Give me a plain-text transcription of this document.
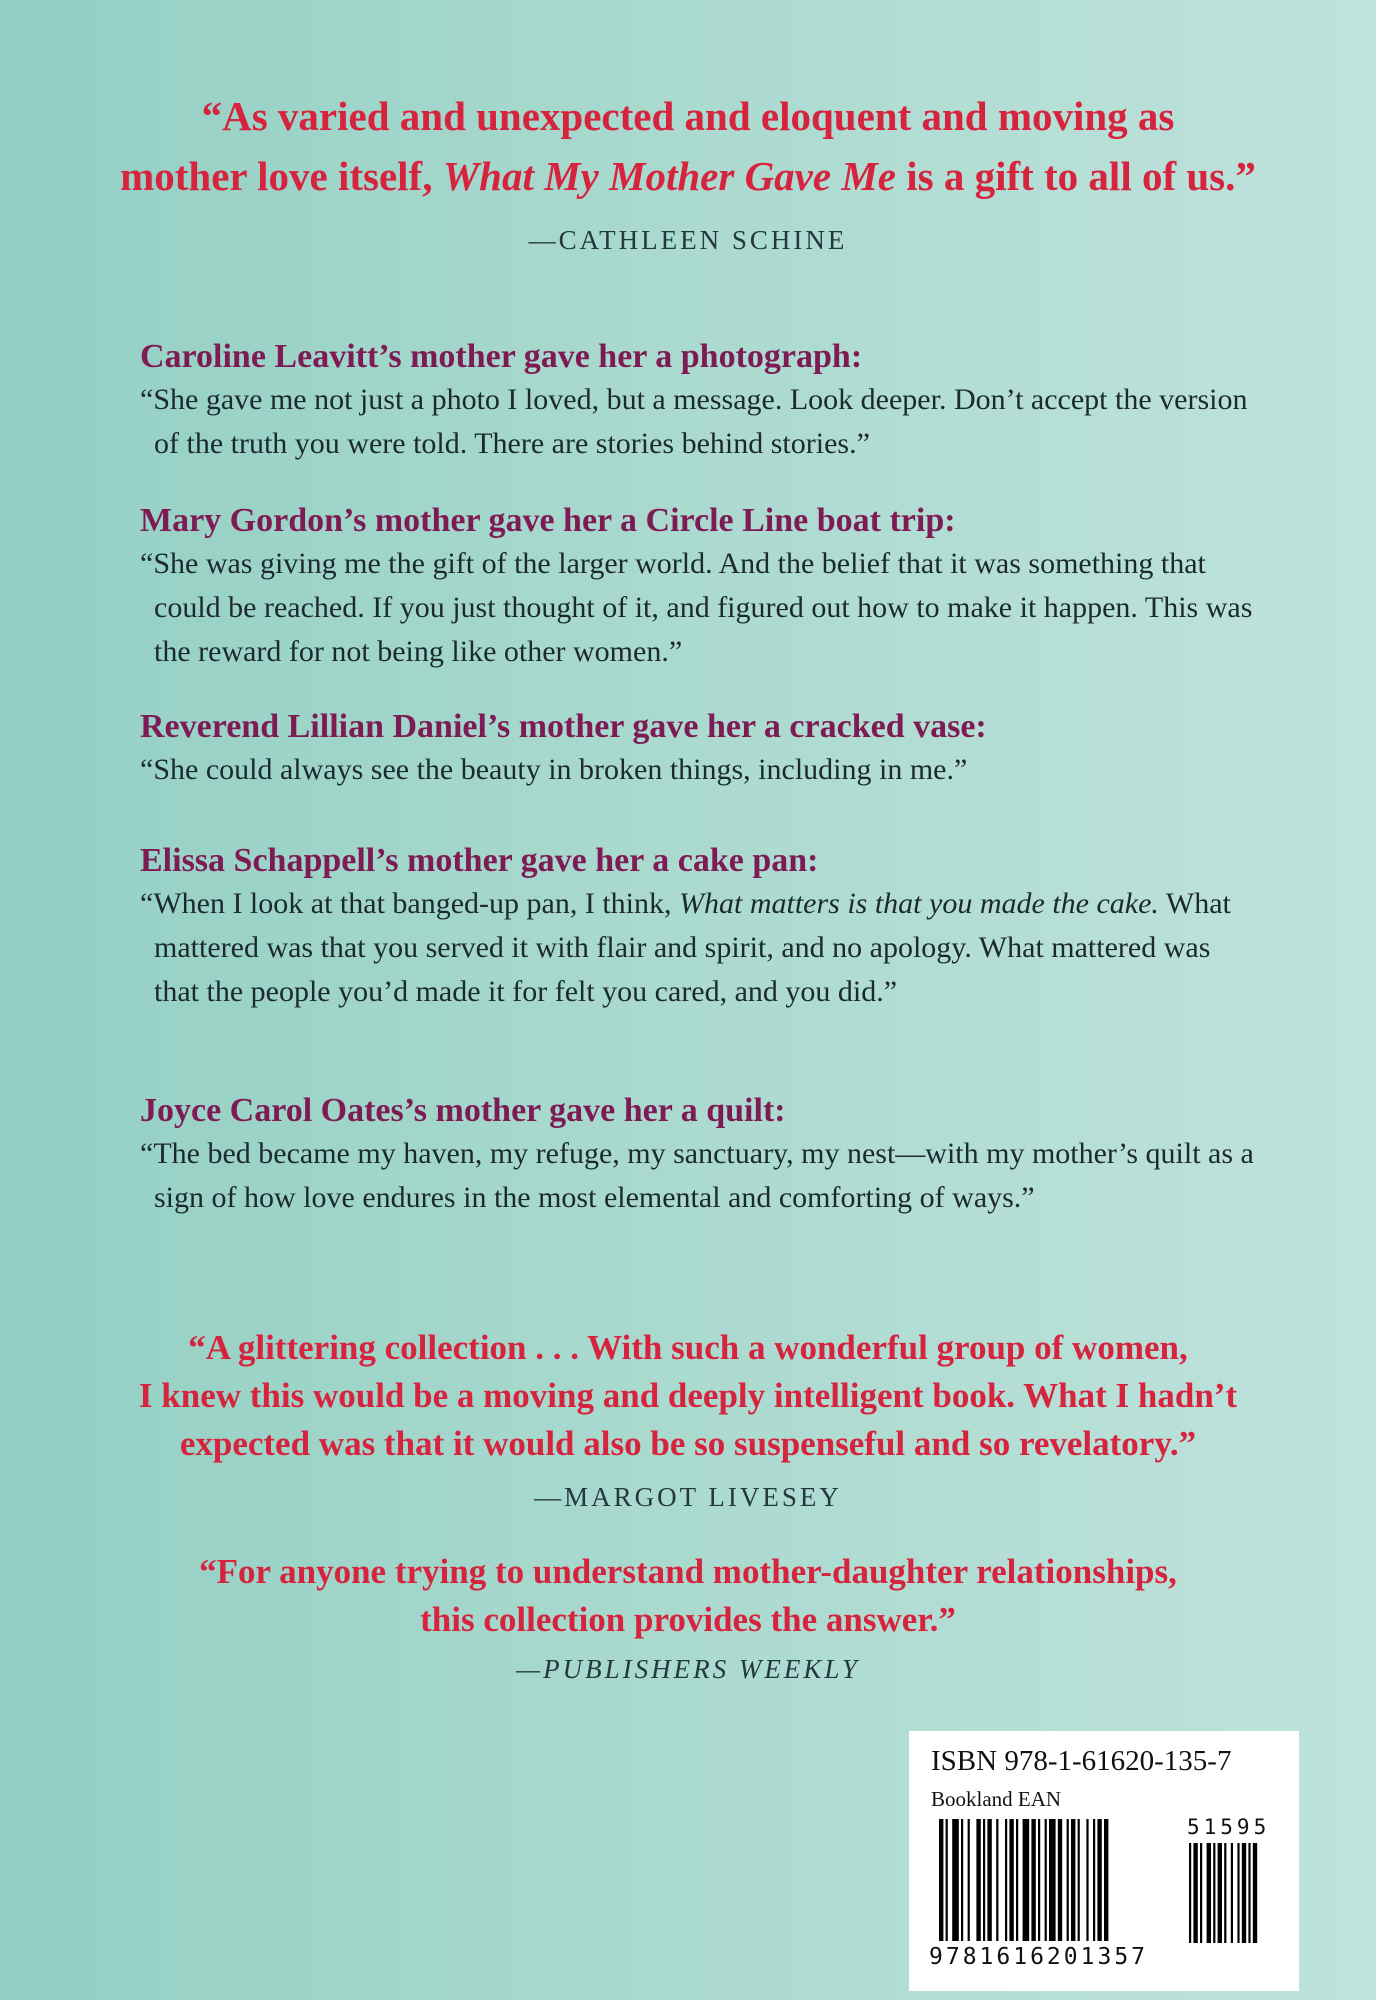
“As varied and unexpected and eloquent and moving as
mother love itself, What My Mother Gave Me is a gift to all of us.”
—CATHLEEN SCHINE

Caroline Leavitt’s mother gave her a photograph:

“She gave me not just a photo I loved, but a message. Look deeper. Don’t accept the version of the truth you were told. There are stories behind stories.”

Mary Gordon’s mother gave her a Circle Line boat trip:

“She was giving me the gift of the larger world. And the belief that it was something that could be reached. If you just thought of it, and figured out how to make it happen. This was the reward for not being like other women.”

Reverend Lillian Daniel’s mother gave her a cracked vase:

“She could always see the beauty in broken things, including in me.”

Elissa Schappell’s mother gave her a cake pan:

“When I look at that banged-up pan, I think, What matters is that you made the cake. What mattered was that you served it with flair and spirit, and no apology. What mattered was that the people you’d made it for felt you cared, and you did.”

Joyce Carol Oates’s mother gave her a quilt:

“The bed became my haven, my refuge, my sanctuary, my nest—with my mother’s quilt as a sign of how love endures in the most elemental and comforting of ways.”

“A glittering collection . . . With such a wonderful group of women,
I knew this would be a moving and deeply intelligent book. What I hadn’t
expected was that it would also be so suspenseful and so revelatory.”
—MARGOT LIVESEY
“For anyone trying to understand mother-daughter relationships,
this collection provides the answer.”
—PUBLISHERS WEEKLY
ISBN 978-1-61620-135-7
Bookland EAN
51595
9781616201357
